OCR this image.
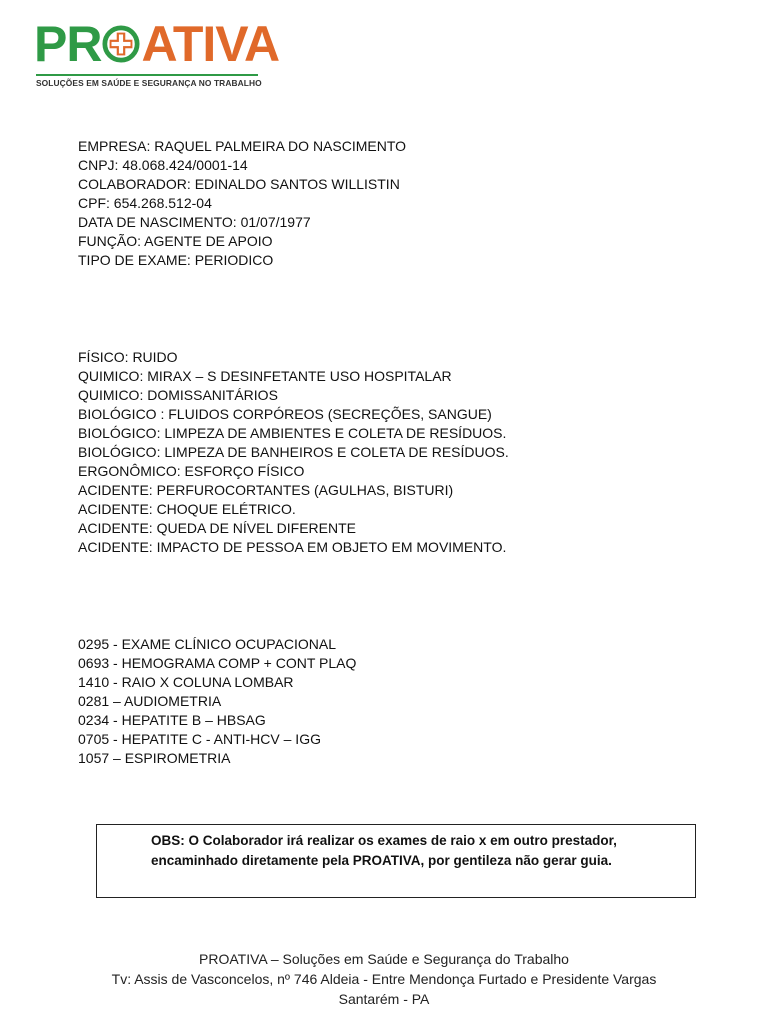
PR ATIVA
SOLUÇÕES EM SAÚDE E SEGURANÇA NO TRABALHO
EMPRESA: RAQUEL PALMEIRA DO NASCIMENTO
CNPJ: 48.068.424/0001-14
COLABORADOR: EDINALDO SANTOS WILLISTIN
CPF: 654.268.512-04
DATA DE NASCIMENTO: 01/07/1977
FUNÇÃO: AGENTE DE APOIO
TIPO DE EXAME: PERIODICO
FÍSICO: RUIDO
QUIMICO: MIRAX – S DESINFETANTE USO HOSPITALAR
QUIMICO: DOMISSANITÁRIOS
BIOLÓGICO : FLUIDOS CORPÓREOS (SECREÇÕES, SANGUE)
BIOLÓGICO: LIMPEZA DE AMBIENTES E COLETA DE RESÍDUOS.
BIOLÓGICO: LIMPEZA DE BANHEIROS E COLETA DE RESÍDUOS.
ERGONÔMICO: ESFORÇO FÍSICO
ACIDENTE: PERFUROCORTANTES (AGULHAS, BISTURI)
ACIDENTE: CHOQUE ELÉTRICO.
ACIDENTE: QUEDA DE NÍVEL DIFERENTE
ACIDENTE: IMPACTO DE PESSOA EM OBJETO EM MOVIMENTO.
0295 - EXAME CLÍNICO OCUPACIONAL
0693 - HEMOGRAMA COMP + CONT PLAQ
1410 - RAIO X COLUNA LOMBAR
0281 – AUDIOMETRIA
0234 - HEPATITE B – HBSAG
0705 - HEPATITE C - ANTI-HCV – IGG
1057 – ESPIROMETRIA
OBS: O Colaborador irá realizar os exames de raio x em outro prestador,
encaminhado diretamente pela PROATIVA, por gentileza não gerar guia.
PROATIVA – Soluções em Saúde e Segurança do Trabalho
Tv: Assis de Vasconcelos, nº 746 Aldeia - Entre Mendonça Furtado e Presidente Vargas
Santarém - PA
